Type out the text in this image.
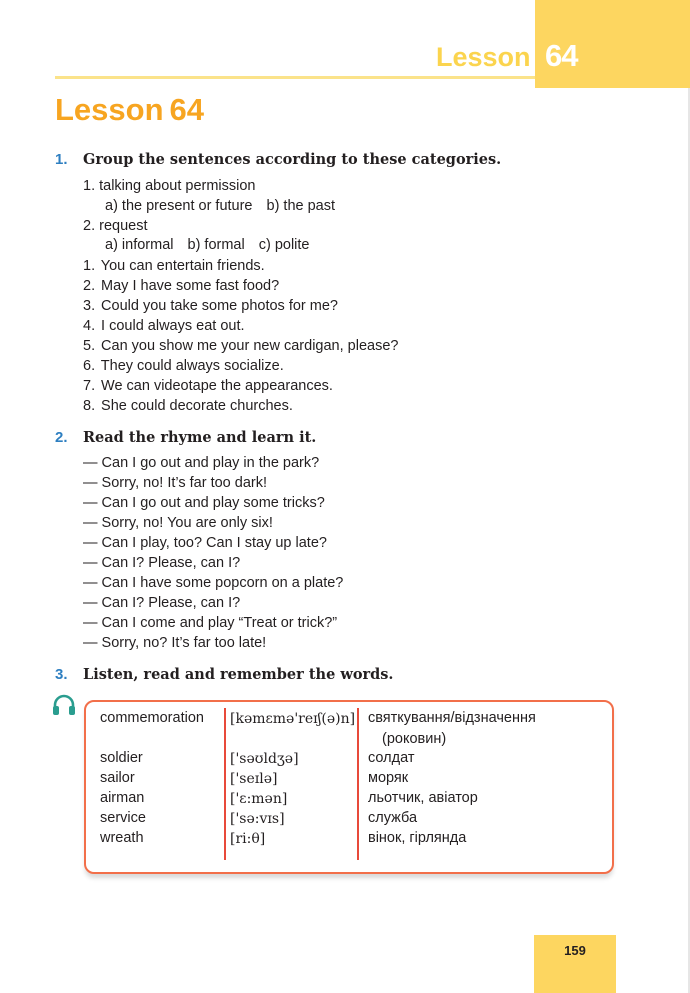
Lesson 64
Lesson 64
1. Group the sentences according to these categories.
1. talking about permission
a) the present or future b) the past
2. request
a) informal b) formal c) polite
1. You can entertain friends.
2. May I have some fast food?
3. Could you take some photos for me?
4. I could always eat out.
5. Can you show me your new cardigan, please?
6. They could always socialize.
7. We can videotape the appearances.
8. She could decorate churches.
2. Read the rhyme and learn it.
— Can I go out and play in the park?
— Sorry, no! It’s far too dark!
— Can I go out and play some tricks?
— Sorry, no! You are only six!
— Can I play, too? Can I stay up late?
— Can I? Please, can I?
— Can I have some popcorn on a plate?
— Can I? Please, can I?
— Can I come and play “Treat or trick?”
— Sorry, no? It’s far too late!
3. Listen, read and remember the words.
commemoration [kəmɛmə'reɪʃ(ə)n] святкування/відзначення
(роковин)
soldier	['səʊldʒə]	солдат
sailor	['seɪlə]	моряк
airman	['ɛ:mən]	льотчик, авіатор
service	['sə:vɪs]	служба
wreath	[ri:θ]	вінок, гірлянда
159
